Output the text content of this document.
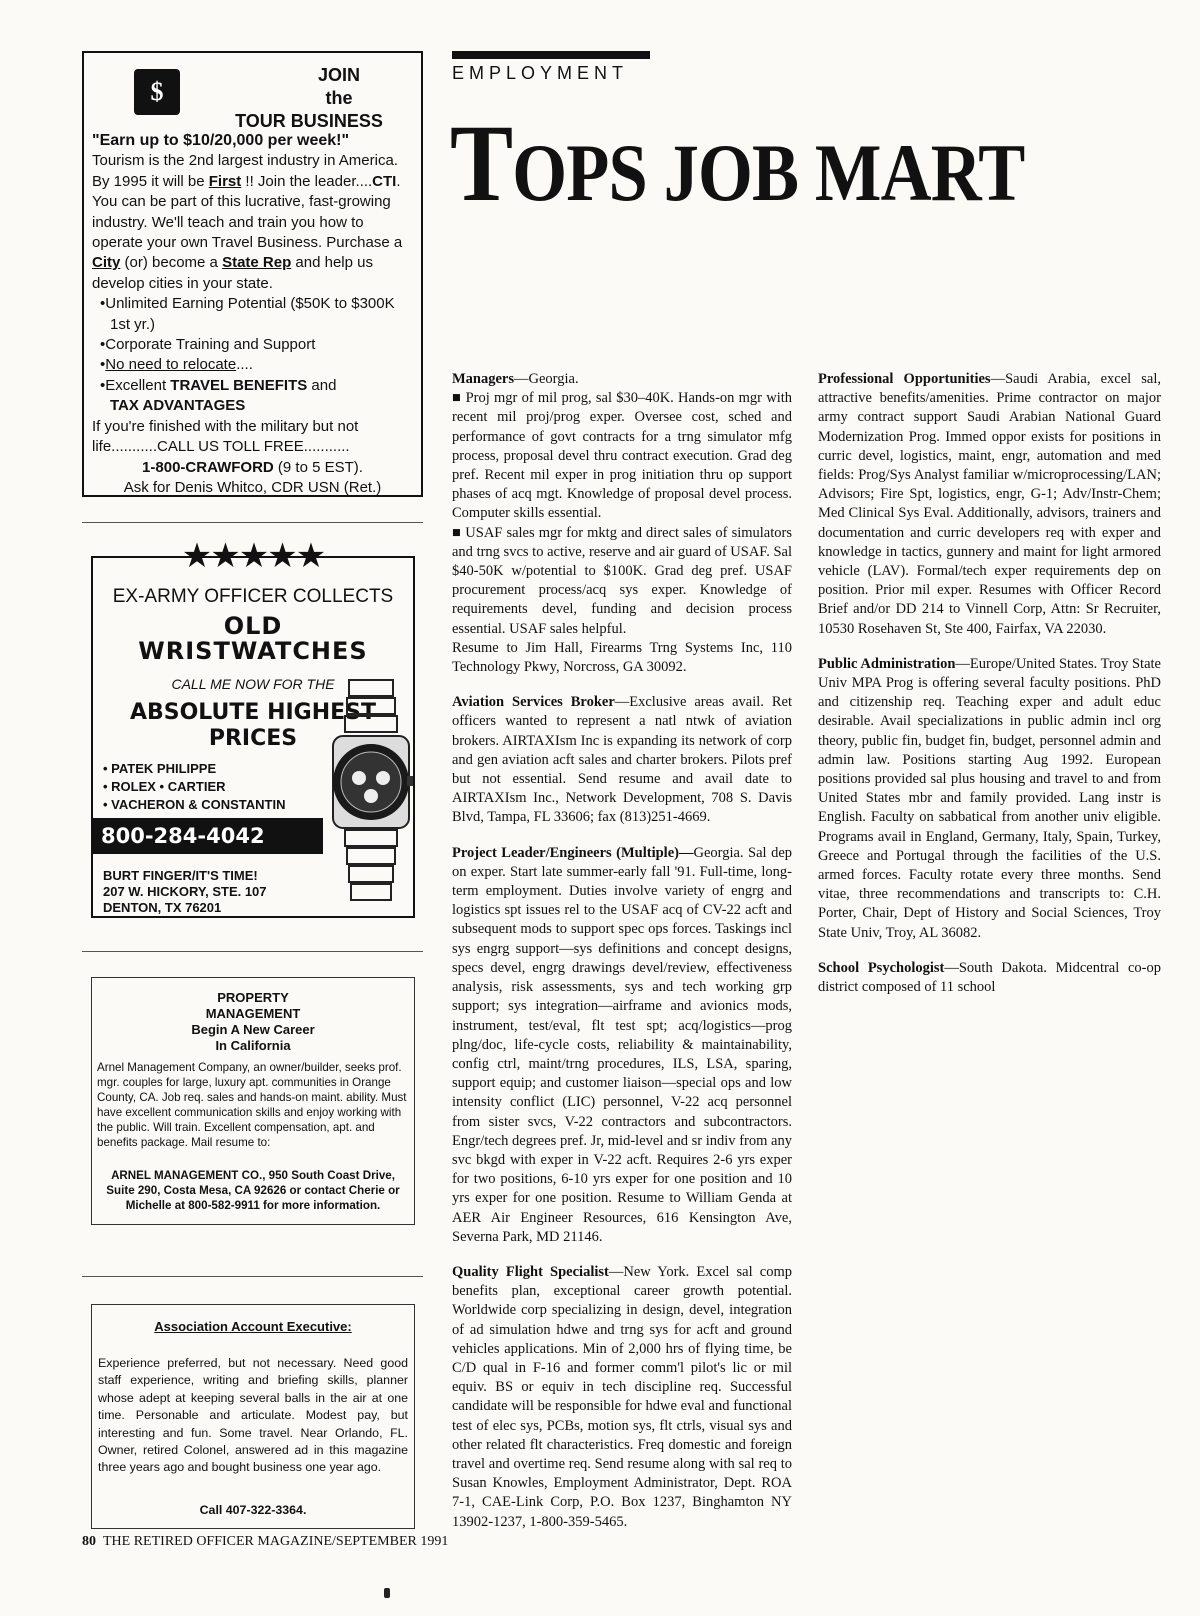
$
JOIN
the
TOUR BUSINESS

"Earn up to $10/20,000 per week!"

Tourism is the 2nd largest industry in America. By 1995 it will be First !! Join the leader....CTI. You can be part of this lucrative, fast-growing industry. We'll teach and train you how to operate your own Travel Business. Purchase a City (or) become a State Rep and help us develop cities in your state.

•Unlimited Earning Potential ($50K to $300K 1st yr.)

•Corporate Training and Support

•No need to relocate....

•Excellent TRAVEL BENEFITS and
TAX ADVANTAGES

If you're finished with the military but not life...........CALL US TOLL FREE...........

1-800-CRAWFORD (9 to 5 EST).

Ask for Denis Whitco, CDR USN (Ret.)

★★★★★
EX-ARMY OFFICER COLLECTS
OLD
WRISTWATCHES
CALL ME NOW FOR THE
ABSOLUTE HIGHEST
PRICES
• PATEK PHILIPPE
• ROLEX • CARTIER
• VACHERON & CONSTANTIN
800-284-4042
BURT FINGER/IT'S TIME!
207 W. HICKORY, STE. 107
DENTON, TX 76201
PROPERTY
MANAGEMENT
Begin A New Career
In California
Arnel Management Company, an owner/builder, seeks prof. mgr. couples for large, luxury apt. communities in Orange County, CA. Job req. sales and hands-on maint. ability. Must have excellent communication skills and enjoy working with the public. Will train. Excellent compensation, apt. and benefits package. Mail resume to:
ARNEL MANAGEMENT CO., 950 South Coast Drive, Suite 290, Costa Mesa, CA 92626 or contact Cherie or Michelle at 800-582-9911 for more information.
Association Account Executive:
Experience preferred, but not necessary. Need good staff experience, writing and briefing skills, planner whose adept at keeping several balls in the air at one time. Personable and articulate. Modest pay, but interesting and fun. Some travel. Near Orlando, FL. Owner, retired Colonel, answered ad in this magazine three years ago and bought business one year ago.
Call 407-322-3364.
EMPLOYMENT
TOPS JOB MART

Managers—Georgia.

■ Proj mgr of mil prog, sal $30–40K. Hands-on mgr with recent mil proj/prog exper. Oversee cost, sched and performance of govt contracts for a trng simulator mfg process, proposal devel thru contract execution. Grad deg pref. Recent mil exper in prog initiation thru op support phases of acq mgt. Knowledge of proposal devel process. Computer skills essential.

■ USAF sales mgr for mktg and direct sales of simulators and trng svcs to active, reserve and air guard of USAF. Sal $40-50K w/potential to $100K. Grad deg pref. USAF procurement process/acq sys exper. Knowledge of requirements devel, funding and decision process essential. USAF sales helpful.

Resume to Jim Hall, Firearms Trng Systems Inc, 110 Technology Pkwy, Norcross, GA 30092.

Aviation Services Broker—Exclusive areas avail. Ret officers wanted to represent a natl ntwk of aviation brokers. AIRTAXIsm Inc is expanding its network of corp and gen aviation acft sales and charter brokers. Pilots pref but not essential. Send resume and avail date to AIRTAXIsm Inc., Network Development, 708 S. Davis Blvd, Tampa, FL 33606; fax (813)251-4669.

Project Leader/Engineers (Multiple)—Georgia. Sal dep on exper. Start late summer-early fall '91. Full-time, long-term employment. Duties involve variety of engrg and logistics spt issues rel to the USAF acq of CV-22 acft and subsequent mods to support spec ops forces. Taskings incl sys engrg support—sys definitions and concept designs, specs devel, engrg drawings devel/review, effectiveness analysis, risk assessments, sys and tech working grp support; sys integration—airframe and avionics mods, instrument, test/eval, flt test spt; acq/logistics—prog plng/doc, life-cycle costs, reliability & maintainability, config ctrl, maint/trng procedures, ILS, LSA, sparing, support equip; and customer liaison—special ops and low intensity conflict (LIC) personnel, V-22 acq personnel from sister svcs, V-22 contractors and subcontractors. Engr/tech degrees pref. Jr, mid-level and sr indiv from any svc bkgd with exper in V-22 acft. Requires 2-6 yrs exper for two positions, 6-10 yrs exper for one position and 10 yrs exper for one position. Resume to William Genda at AER Air Engineer Resources, 616 Kensington Ave, Severna Park, MD 21146.

Quality Flight Specialist—New York. Excel sal comp benefits plan, exceptional career growth potential. Worldwide corp specializing in design, devel, integration of ad simulation hdwe and trng sys for acft and ground vehicles applications. Min of 2,000 hrs of flying time, be C/D qual in F-16 and former comm'l pilot's lic or mil equiv. BS or equiv in tech discipline req. Successful candidate will be responsible for hdwe eval and functional test of elec sys, PCBs, motion sys, flt ctrls, visual sys and other related flt characteristics. Freq domestic and foreign travel and overtime req. Send resume along with sal req to Susan Knowles, Employment Administrator, Dept. ROA 7-1, CAE-Link Corp, P.O. Box 1237, Binghamton NY 13902-1237, 1-800-359-5465.

Professional Opportunities—Saudi Arabia, excel sal, attractive benefits/amenities. Prime contractor on major army contract support Saudi Arabian National Guard Modernization Prog. Immed oppor exists for positions in curric devel, logistics, maint, engr, automation and med fields: Prog/Sys Analyst familiar w/microprocessing/LAN; Advisors; Fire Spt, logistics, engr, G-1; Adv/Instr-Chem; Med Clinical Sys Eval. Additionally, advisors, trainers and documentation and curric developers req with exper and knowledge in tactics, gunnery and maint for light armored vehicle (LAV). Formal/tech exper requirements dep on position. Prior mil exper. Resumes with Officer Record Brief and/or DD 214 to Vinnell Corp, Attn: Sr Recruiter, 10530 Rosehaven St, Ste 400, Fairfax, VA 22030.

Public Administration—Europe/United States. Troy State Univ MPA Prog is offering several faculty positions. PhD and citizenship req. Teaching exper and adult educ desirable. Avail specializations in public admin incl org theory, public fin, budget fin, budget, personnel admin and admin law. Positions starting Aug 1992. European positions provided sal plus housing and travel to and from United States mbr and family provided. Lang instr is English. Faculty on sabbatical from another univ eligible. Programs avail in England, Germany, Italy, Spain, Turkey, Greece and Portugal through the facilities of the U.S. armed forces. Faculty rotate every three months. Send vitae, three recommendations and transcripts to: C.H. Porter, Chair, Dept of History and Social Sciences, Troy State Univ, Troy, AL 36082.

School Psychologist—South Dakota. Midcentral co-op district composed of 11 school

80 THE RETIRED OFFICER MAGAZINE/SEPTEMBER 1991
